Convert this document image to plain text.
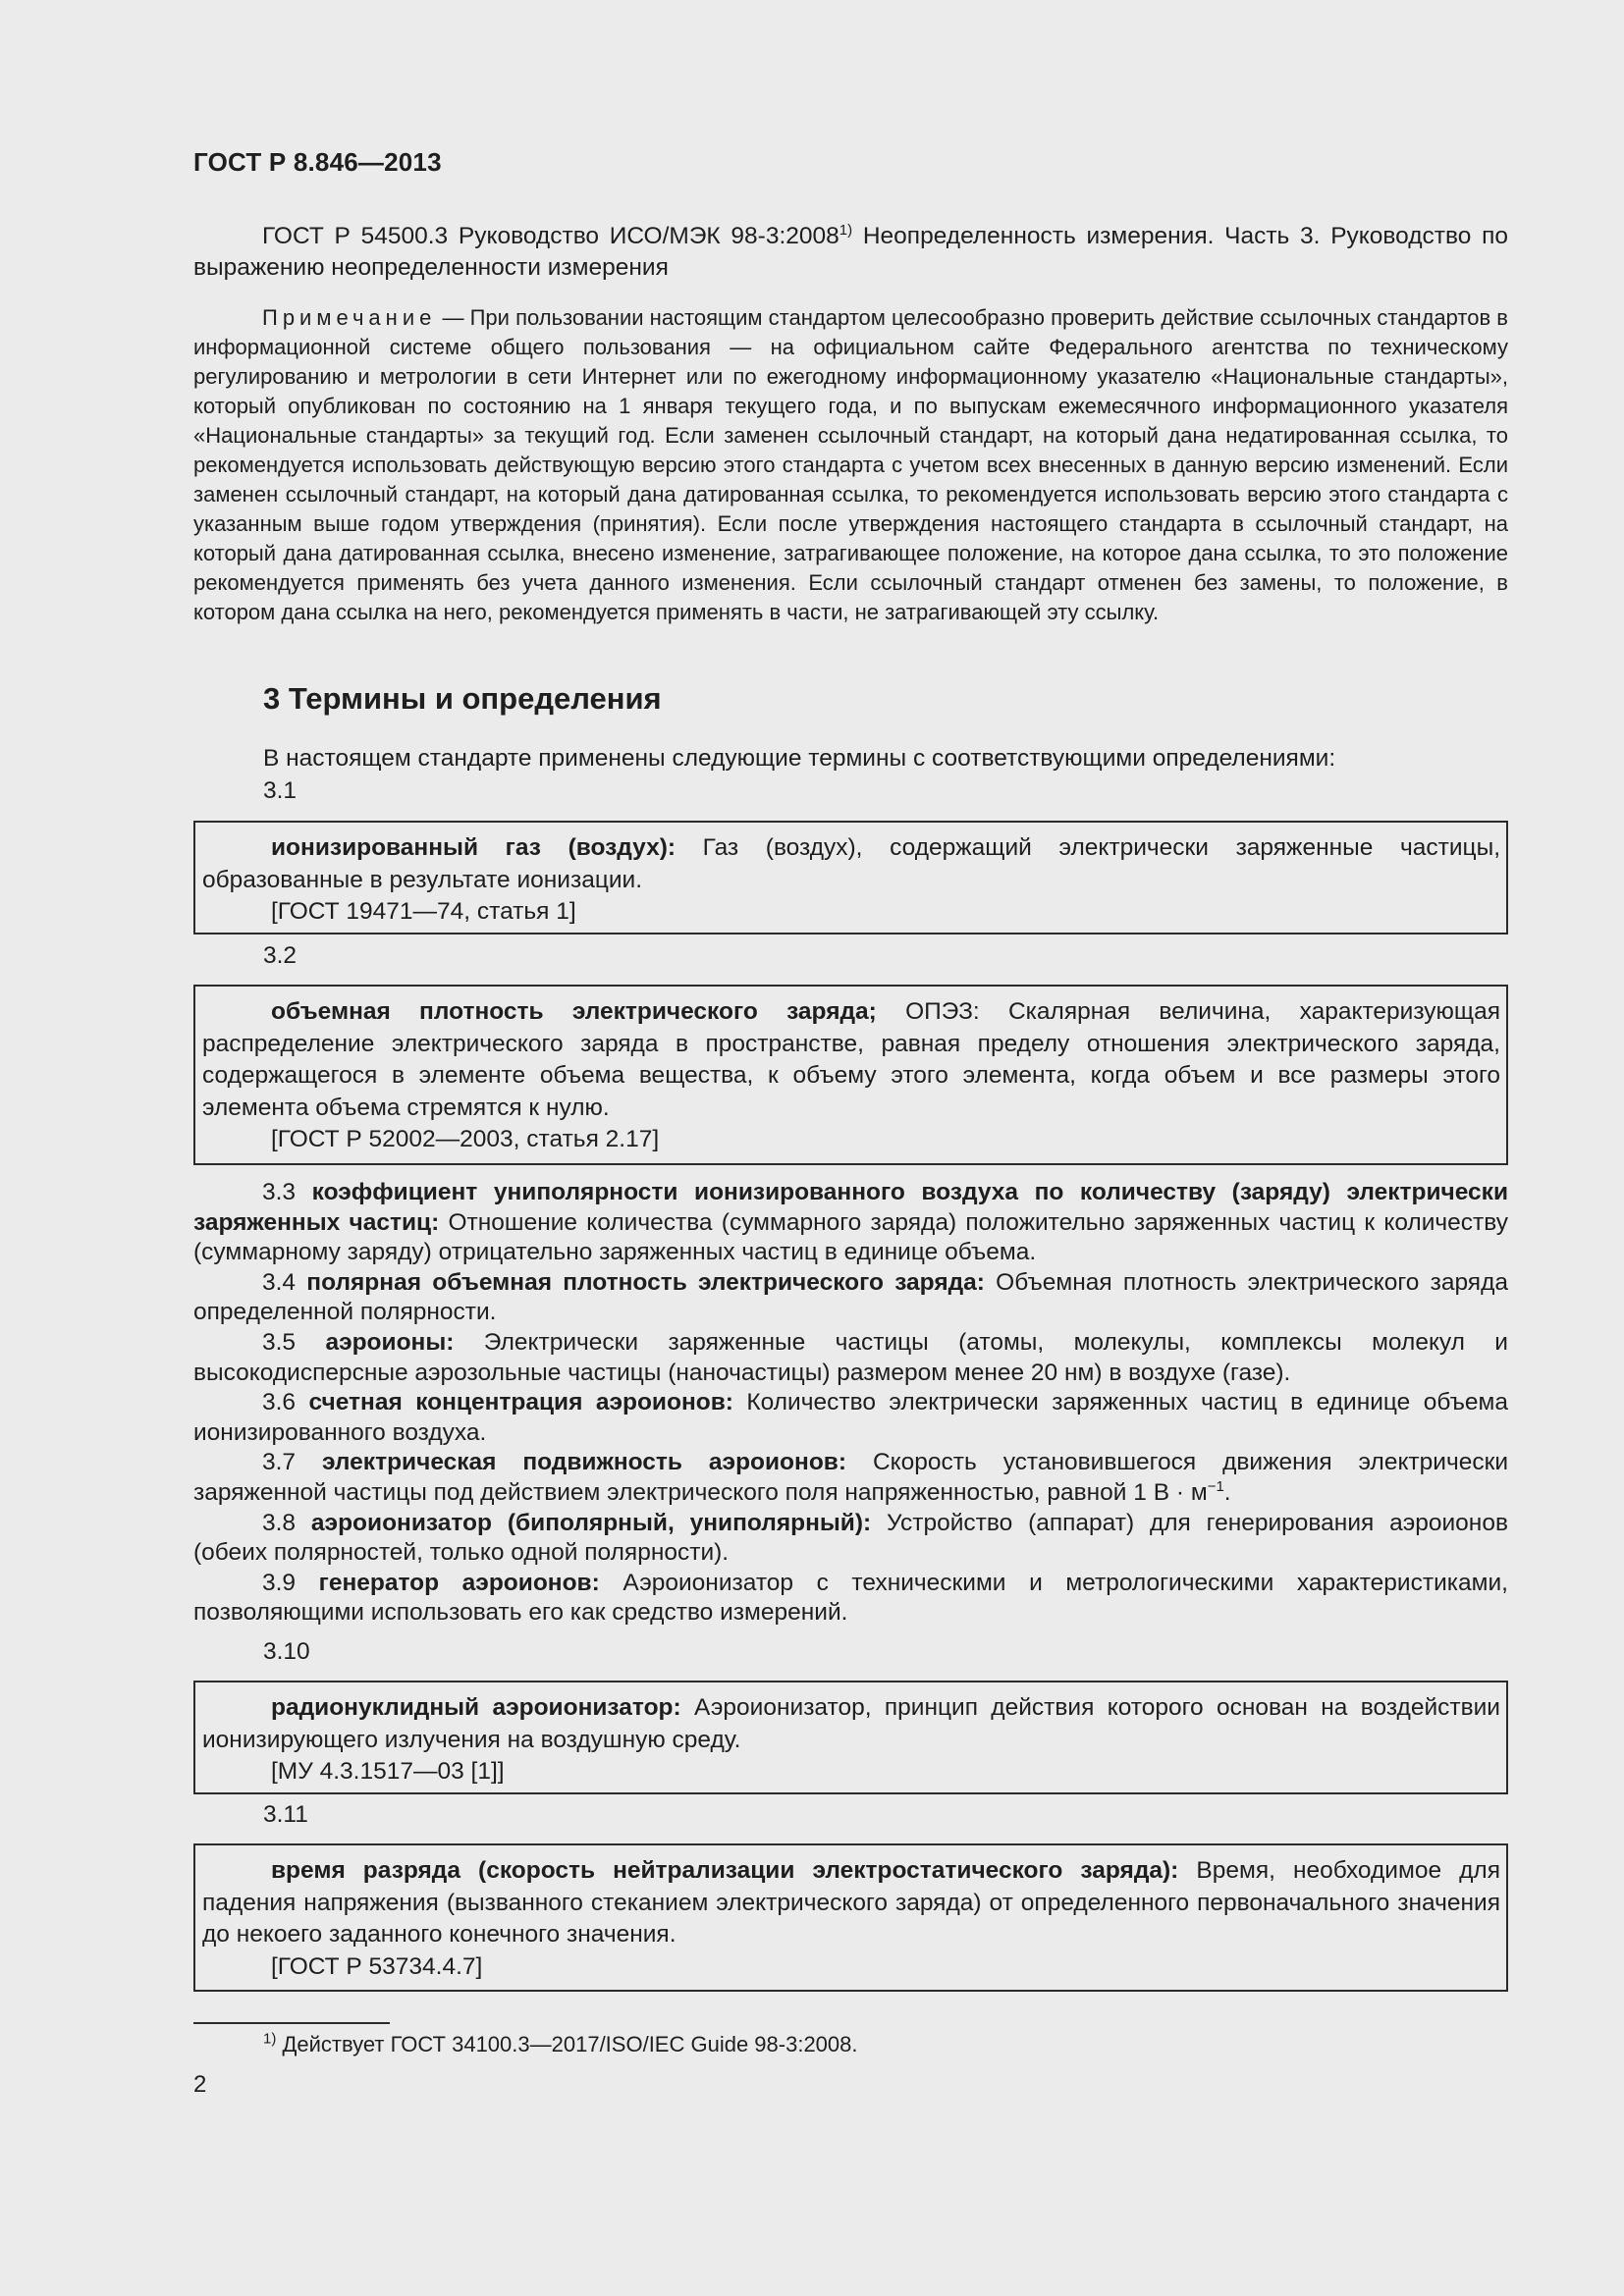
ГОСТ Р 8.846—2013
ГОСТ Р 54500.3 Руководство ИСО/МЭК 98-3:2008$^{1)}$ Неопределенность измерения. Часть 3. Руководство по выражению неопределенности измерения
Примечание — При пользовании настоящим стандартом целесообразно проверить действие ссылочных стандартов в информационной системе общего пользования — на официальном сайте Федерального агентства по техническому регулированию и метрологии в сети Интернет или по ежегодному информационному указателю «Национальные стандарты», который опубликован по состоянию на 1 января текущего года, и по выпускам ежемесячного информационного указателя «Национальные стандарты» за текущий год. Если заменен ссылочный стандарт, на который дана недатированная ссылка, то рекомендуется использовать действующую версию этого стандарта с учетом всех внесенных в данную версию изменений. Если заменен ссылочный стандарт, на который дана датированная ссылка, то рекомендуется использовать версию этого стандарта с указанным выше годом утверждения (принятия). Если после утверждения настоящего стандарта в ссылочный стандарт, на который дана датированная ссылка, внесено изменение, затрагивающее положение, на которое дана ссылка, то это положение рекомендуется применять без учета данного изменения. Если ссылочный стандарт отменен без замены, то положение, в котором дана ссылка на него, рекомендуется применять в части, не затрагивающей эту ссылку.
3 Термины и определения
В настоящем стандарте применены следующие термины с соответствующими определениями:
3.1
ионизированный газ (воздух): Газ (воздух), содержащий электрически заряженные частицы, образованные в результате ионизации.
[ГОСТ 19471—74, статья 1]
3.2
объемная плотность электрического заряда; ОПЭЗ: Скалярная величина, характеризующая распределение электрического заряда в пространстве, равная пределу отношения электрического заряда, содержащегося в элементе объема вещества, к объему этого элемента, когда объем и все размеры этого элемента объема стремятся к нулю.
[ГОСТ Р 52002—2003, статья 2.17]

3.3 коэффициент униполярности ионизированного воздуха по количеству (заряду) электрически заряженных частиц: Отношение количества (суммарного заряда) положительно заряженных частиц к количеству (суммарному заряду) отрицательно заряженных частиц в единице объема.

3.4 полярная объемная плотность электрического заряда: Объемная плотность электрического заряда определенной полярности.

3.5 аэроионы: Электрически заряженные частицы (атомы, молекулы, комплексы молекул и высокодисперсные аэрозольные частицы (наночастицы) размером менее 20 нм) в воздухе (газе).

3.6 счетная концентрация аэроионов: Количество электрически заряженных частиц в единице объема ионизированного воздуха.

3.7 электрическая подвижность аэроионов: Скорость установившегося движения электрически заряженной частицы под действием электрического поля напряженностью, равной 1 $В \cdot м^{-1}$.

3.8 аэроионизатор (биполярный, униполярный): Устройство (аппарат) для генерирования аэроионов (обеих полярностей, только одной полярности).

3.9 генератор аэроионов: Аэроионизатор с техническими и метрологическими характеристиками, позволяющими использовать его как средство измерений.

3.10
радионуклидный аэроионизатор: Аэроионизатор, принцип действия которого основан на воздействии ионизирующего излучения на воздушную среду.
[МУ 4.3.1517—03 [1]]
3.11
время разряда (скорость нейтрализации электростатического заряда): Время, необходимое для падения напряжения (вызванного стеканием электрического заряда) от определенного первоначального значения до некоего заданного конечного значения.
[ГОСТ Р 53734.4.7]
$^{1)}$ Действует ГОСТ 34100.3—2017/ISO/IEC Guide 98-3:2008.
2
